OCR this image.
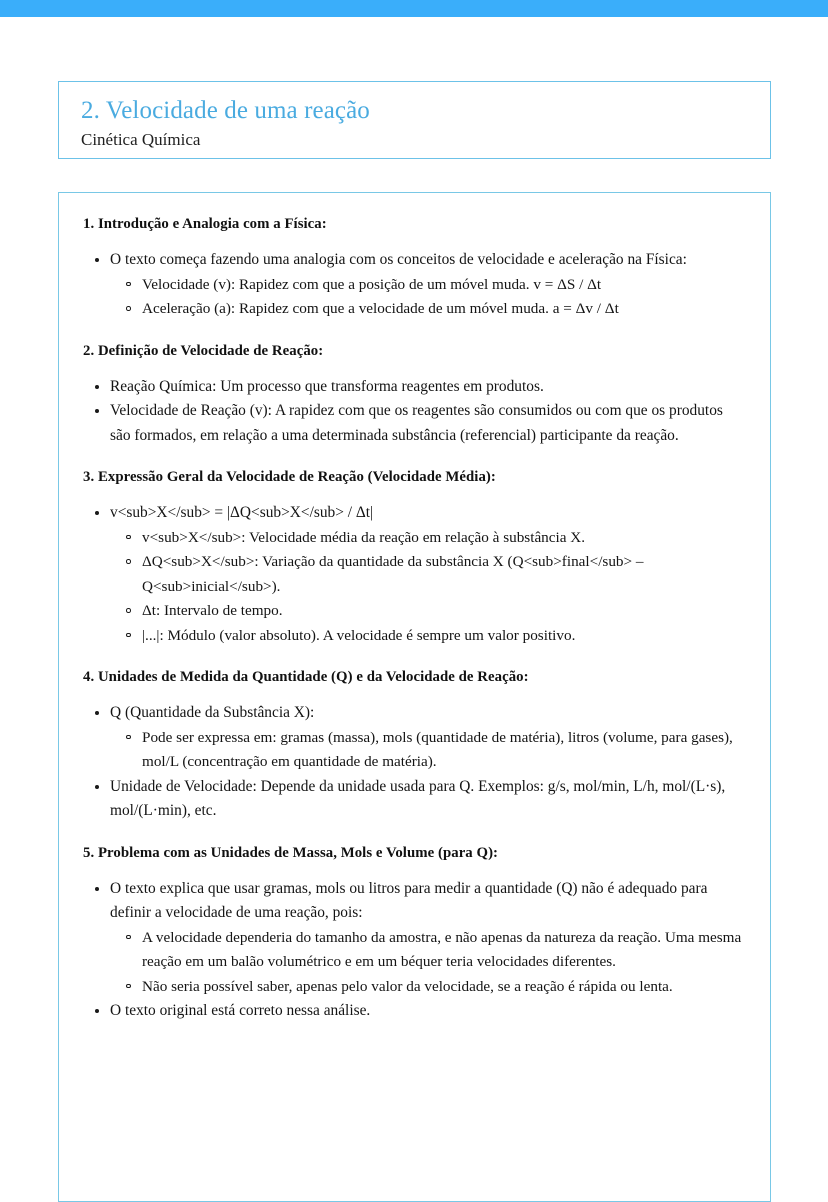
2. Velocidade de uma reação
Cinética Química
1. Introdução e Analogia com a Física:
O texto começa fazendo uma analogia com os conceitos de velocidade e aceleração na Física:
Velocidade (v): Rapidez com que a posição de um móvel muda. v = ΔS / Δt
Aceleração (a): Rapidez com que a velocidade de um móvel muda. a = Δv / Δt
2. Definição de Velocidade de Reação:
Reação Química: Um processo que transforma reagentes em produtos.
Velocidade de Reação (v): A rapidez com que os reagentes são consumidos ou com que os produtos são formados, em relação a uma determinada substância (referencial) participante da reação.
3. Expressão Geral da Velocidade de Reação (Velocidade Média):
v<sub>X</sub> = |ΔQ<sub>X</sub> / Δt|
v<sub>X</sub>: Velocidade média da reação em relação à substância X.
ΔQ<sub>X</sub>: Variação da quantidade da substância X (Q<sub>final</sub> – Q<sub>inicial</sub>).
Δt: Intervalo de tempo.
|...|: Módulo (valor absoluto). A velocidade é sempre um valor positivo.
4. Unidades de Medida da Quantidade (Q) e da Velocidade de Reação:
Q (Quantidade da Substância X):
Pode ser expressa em: gramas (massa), mols (quantidade de matéria), litros (volume, para gases), mol/L (concentração em quantidade de matéria).
Unidade de Velocidade: Depende da unidade usada para Q. Exemplos: g/s, mol/min, L/h, mol/(L·s), mol/(L·min), etc.
5. Problema com as Unidades de Massa, Mols e Volume (para Q):
O texto explica que usar gramas, mols ou litros para medir a quantidade (Q) não é adequado para definir a velocidade de uma reação, pois:
A velocidade dependeria do tamanho da amostra, e não apenas da natureza da reação. Uma mesma reação em um balão volumétrico e em um béquer teria velocidades diferentes.
Não seria possível saber, apenas pelo valor da velocidade, se a reação é rápida ou lenta.
O texto original está correto nessa análise.
